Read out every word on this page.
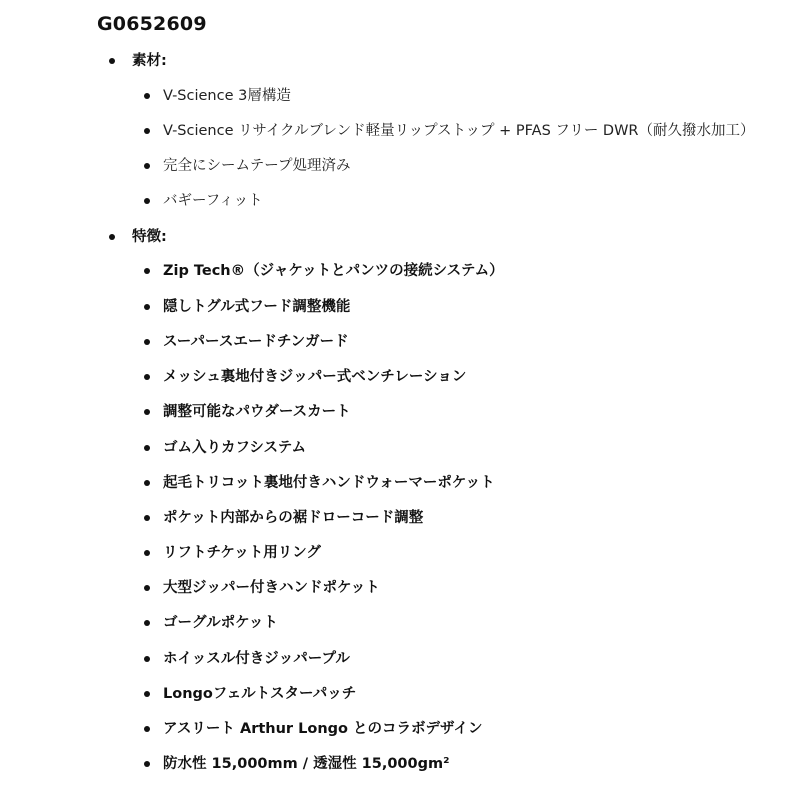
G0652609
素材:
V-Science 3層構造
V-Science リサイクルブレンド軽量リップストップ + PFAS フリー DWR（耐久撥水加工）
完全にシームテープ処理済み
バギーフィット
特徴:
Zip Tech®（ジャケットとパンツの接続システム）
隠しトグル式フード調整機能
スーパースエードチンガード
メッシュ裏地付きジッパー式ベンチレーション
調整可能なパウダースカート
ゴム入りカフシステム
起毛トリコット裏地付きハンドウォーマーポケット
ポケット内部からの裾ドローコード調整
リフトチケット用リング
大型ジッパー付きハンドポケット
ゴーグルポケット
ホイッスル付きジッパープル
Longoフェルトスターパッチ
アスリート Arthur Longo とのコラボデザイン
防水性 15,000mm / 透湿性 15,000gm²
